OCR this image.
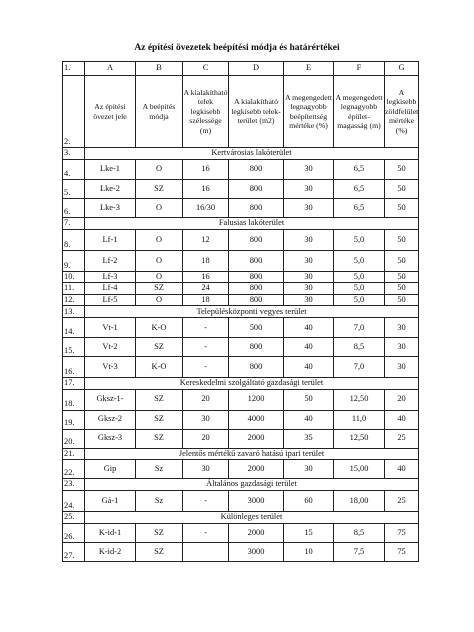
Az építési övezetek beépítési módja és határértékei
1.	A	B	C	D	E	F	G
2.	Az építési övezet jele	A beépítés módja	A kialakítható telek legkisebb szélessége (m)	A kialakítható legkisebb telek-terület (m2)	A megengedett legnagyobb beépítettség mértéke (%)	A megengedett legnagyobb épület-magasság (m)	A legkisebb zöldfelület mértéke (%)
3.	Kertvárosias lakóterület						
4.	Lke-1	O	16	800	30	6,5	50
5.	Lke-2	SZ	16	800	30	6,5	50
6.	Lke-3	O	16/30	800	30	6,5	50
7.	Falusias lakóterület						
8.	Lf-1	O	12	800	30	5,0	50
9.	Lf-2	O	18	800	30	5,0	50
10.	Lf-3	O	16	800	30	5,0	50
11.	Lf-4	SZ	24	800	30	5,0	50
12.	Lf-5	O	18	800	30	5,0	50
13.	Településközponti vegyes terület						
14.	Vt-1	K-O	-	500	40	7,0	30
15.	Vt-2	SZ	-	800	40	8,5	30
16.	Vt-3	K-O	-	800	40	7,0	30
17.	Kereskedelmi szolgáltató gazdasági terület						
18.	Gksz-1-	SZ	20	1200	50	12,50	20
19.	Gksz-2	SZ	30	4000	40	11,0	40
20.	Gksz-3	SZ	20	2000	35	12,50	25
21.	Jelentős mértékű zavaró hatású ipari terület						
22.	Gip	Sz	30	2000	30	15,00	40
23.	Általános gazdasági terület						
24.	Gá-1	Sz	-	3000	60	18,00	25
25.	Különleges terület						
26.	K-id-1	SZ	-	2000	15	8,5	75
27.	K-id-2	SZ		3000	10	7,5	75
